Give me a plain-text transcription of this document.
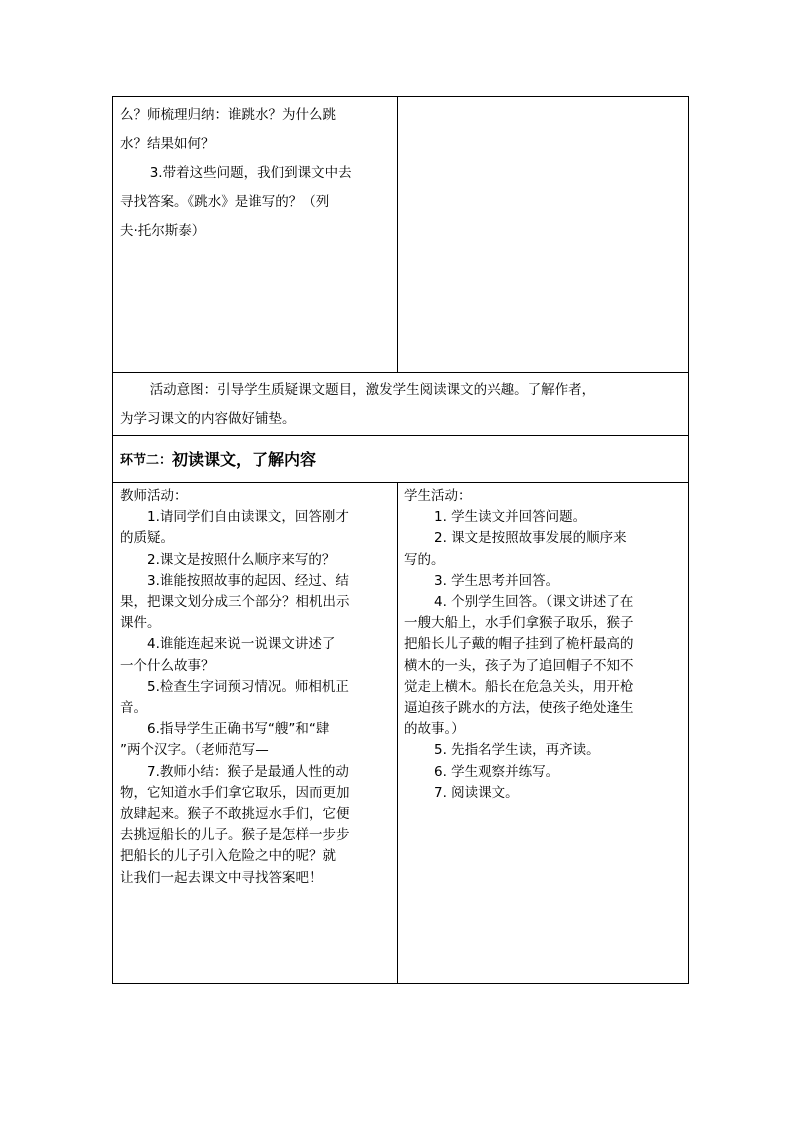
么？师梳理归纳：谁跳水？为什么跳

水？结果如何？

3.带着这些问题，我们到课文中去

寻找答案。《跳水》是谁写的？（列

夫·托尔斯泰）

活动意图：引导学生质疑课文题目，激发学生阅读课文的兴趣。了解作者，

为学习课文的内容做好铺垫。

环节二： 初读课文，了解内容

教师活动：

1.请同学们自由读课文，回答刚才

的质疑。

2.课文是按照什么顺序来写的？

3.谁能按照故事的起因、经过、结

果，把课文划分成三个部分？相机出示

课件。

4.谁能连起来说一说课文讲述了

一个什么故事？

5.检查生字词预习情况。师相机正

音。

6.指导学生正确书写“艘”和“肆

”两个汉字。（老师范写—

7.教师小结：猴子是最通人性的动

物，它知道水手们拿它取乐，因而更加

放肆起来。猴子不敢挑逗水手们，它便

去挑逗船长的儿子。猴子是怎样一步步

把船长的儿子引入危险之中的呢？就

让我们一起去课文中寻找答案吧！

学生活动：

1. 学生读文并回答问题。

2. 课文是按照故事发展的顺序来

写的。

3. 学生思考并回答。

4. 个别学生回答。（课文讲述了在

一艘大船上，水手们拿猴子取乐，猴子

把船长儿子戴的帽子挂到了桅杆最高的

横木的一头，孩子为了追回帽子不知不

觉走上横木。船长在危急关头，用开枪

逼迫孩子跳水的方法，使孩子绝处逢生

的故事。）

5. 先指名学生读，再齐读。

6. 学生观察并练写。

7. 阅读课文。
